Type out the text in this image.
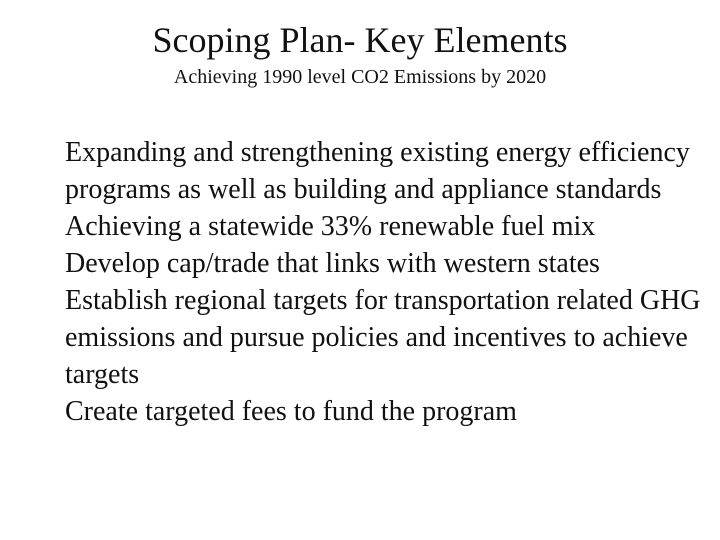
Scoping Plan- Key Elements
Achieving 1990 level CO2 Emissions by 2020
Expanding and strengthening existing energy efficiency programs as well as building and appliance standards
Achieving a statewide 33% renewable fuel mix
Develop cap/trade that links with western states
Establish regional targets for transportation related GHG emissions and pursue policies and incentives to achieve targets
Create targeted fees to fund the program
